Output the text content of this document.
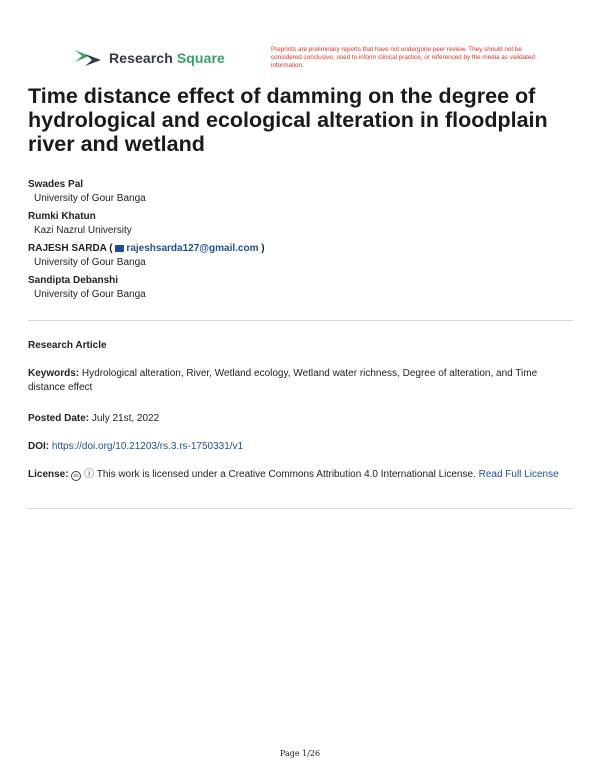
Research Square
Preprints are preliminary reports that have not undergone peer review. They should not be considered conclusive, used to inform clinical practice, or referenced by the media as validated information.
Time distance effect of damming on the degree of hydrological and ecological alteration in floodplain river and wetland
Swades Pal
University of Gour Banga
Rumki Khatun
Kazi Nazrul University
RAJESH SARDA ( rajeshsarda127@gmail.com )
University of Gour Banga
Sandipta Debanshi
University of Gour Banga
Research Article
Keywords: Hydrological alteration, River, Wetland ecology, Wetland water richness, Degree of alteration, and Time distance effect
Posted Date: July 21st, 2022
DOI: https://doi.org/10.21203/rs.3.rs-1750331/v1
License: cc ⓘ This work is licensed under a Creative Commons Attribution 4.0 International License. Read Full License
Page 1/26
